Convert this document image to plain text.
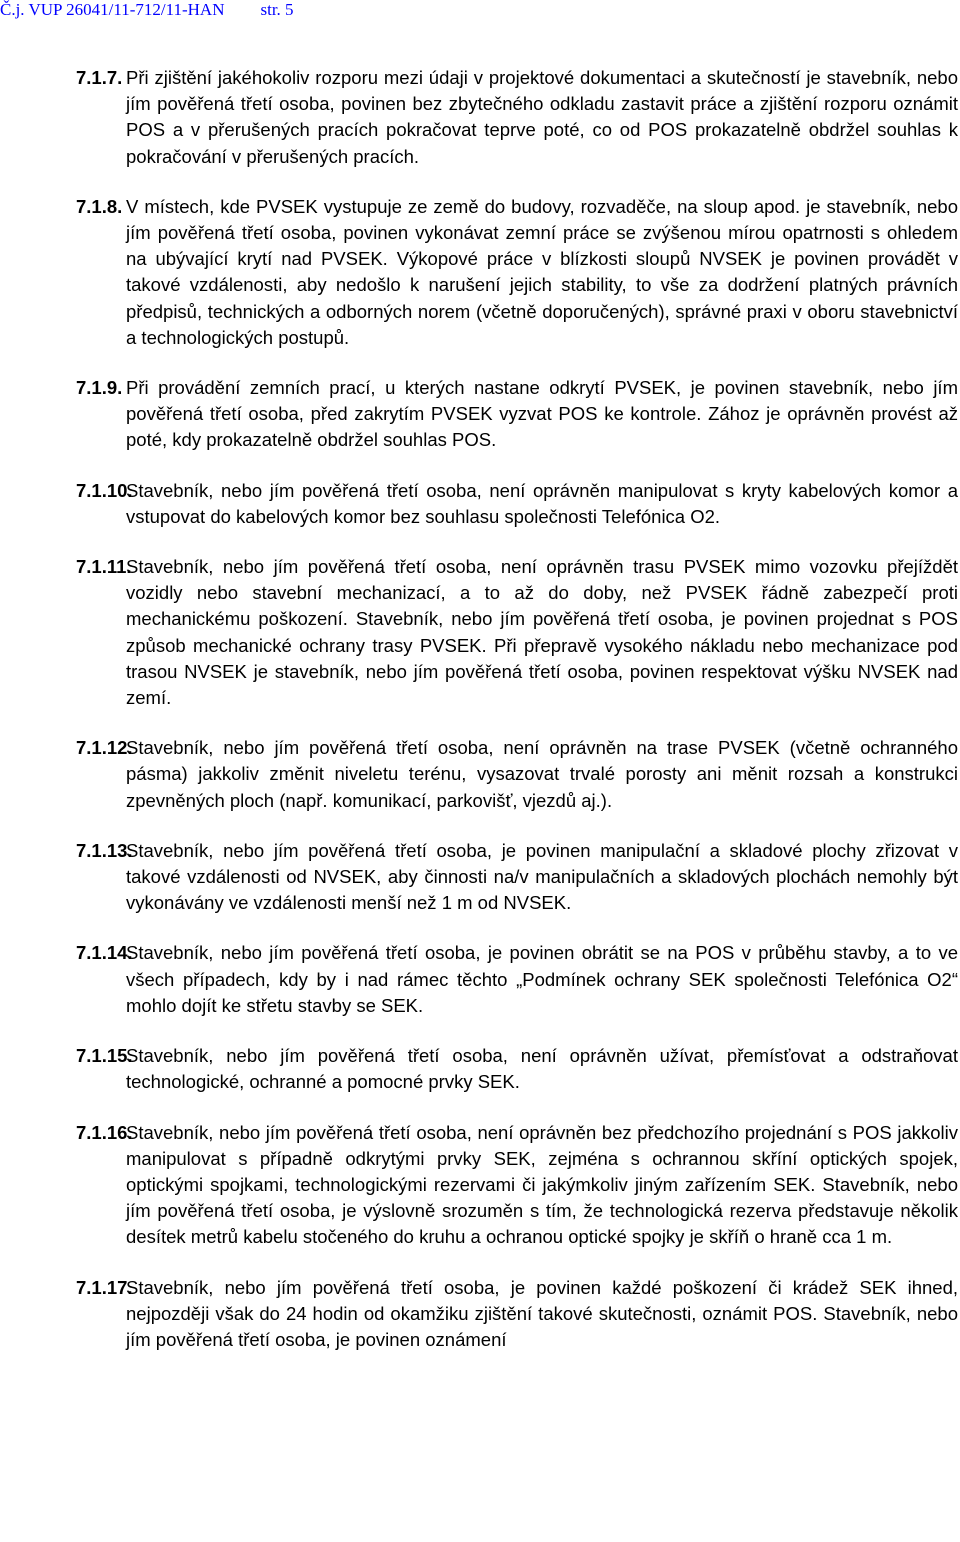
Č.j. VUP 26041/11-712/11-HAN str. 5
7.1.7. Při zjištění jakéhokoliv rozporu mezi údaji v projektové dokumentaci a skutečností je stavebník, nebo jím pověřená třetí osoba, povinen bez zbytečného odkladu zastavit práce a zjištění rozporu oznámit POS a v přerušených pracích pokračovat teprve poté, co od POS prokazatelně obdržel souhlas k pokračování v přerušených pracích.
7.1.8. V místech, kde PVSEK vystupuje ze země do budovy, rozvaděče, na sloup apod. je stavebník, nebo jím pověřená třetí osoba, povinen vykonávat zemní práce se zvýšenou mírou opatrnosti s ohledem na ubývající krytí nad PVSEK. Výkopové práce v blízkosti sloupů NVSEK je povinen provádět v takové vzdálenosti, aby nedošlo k narušení jejich stability, to vše za dodržení platných právních předpisů, technických a odborných norem (včetně doporučených), správné praxi v oboru stavebnictví a technologických postupů.
7.1.9. Při provádění zemních prací, u kterých nastane odkrytí PVSEK, je povinen stavebník, nebo jím pověřená třetí osoba, před zakrytím PVSEK vyzvat POS ke kontrole. Zához je oprávněn provést až poté, kdy prokazatelně obdržel souhlas POS.
7.1.10.
Stavebník, nebo jím pověřená třetí osoba, není oprávněn manipulovat s kryty kabelových komor a vstupovat do kabelových komor bez souhlasu společnosti Telefónica O2.
7.1.11.
Stavebník, nebo jím pověřená třetí osoba, není oprávněn trasu PVSEK mimo vozovku přejíždět vozidly nebo stavební mechanizací, a to až do doby, než PVSEK řádně zabezpečí proti mechanickému poškození. Stavebník, nebo jím pověřená třetí osoba, je povinen projednat s POS způsob mechanické ochrany trasy PVSEK. Při přepravě vysokého nákladu nebo mechanizace pod trasou NVSEK je stavebník, nebo jím pověřená třetí osoba, povinen respektovat výšku NVSEK nad zemí.
7.1.12.
Stavebník, nebo jím pověřená třetí osoba, není oprávněn na trase PVSEK (včetně ochranného pásma) jakkoliv změnit niveletu terénu, vysazovat trvalé porosty ani měnit rozsah a konstrukci zpevněných ploch (např. komunikací, parkovišť, vjezdů aj.).
7.1.13.
Stavebník, nebo jím pověřená třetí osoba, je povinen manipulační a skladové plochy zřizovat v takové vzdálenosti od NVSEK, aby činnosti na/v manipulačních a skladových plochách nemohly být vykonávány ve vzdálenosti menší než 1 m od NVSEK.
7.1.14.
Stavebník, nebo jím pověřená třetí osoba, je povinen obrátit se na POS v průběhu stavby, a to ve všech případech, kdy by i nad rámec těchto „Podmínek ochrany SEK společnosti Telefónica O2“ mohlo dojít ke střetu stavby se SEK.
7.1.15.
Stavebník, nebo jím pověřená třetí osoba, není oprávněn užívat, přemísťovat a odstraňovat technologické, ochranné a pomocné prvky SEK.
7.1.16.
Stavebník, nebo jím pověřená třetí osoba, není oprávněn bez předchozího projednání s POS jakkoliv manipulovat s případně odkrytými prvky SEK, zejména s ochrannou skříní optických spojek, optickými spojkami, technologickými rezervami či jakýmkoliv jiným zařízením SEK. Stavebník, nebo jím pověřená třetí osoba, je výslovně srozuměn s tím, že technologická rezerva představuje několik desítek metrů kabelu stočeného do kruhu a ochranou optické spojky je skříň o hraně cca 1 m.
7.1.17.
Stavebník, nebo jím pověřená třetí osoba, je povinen každé poškození či krádež SEK ihned, nejpozději však do 24 hodin od okamžiku zjištění takové skutečnosti, oznámit POS. Stavebník, nebo jím pověřená třetí osoba, je povinen oznámení
